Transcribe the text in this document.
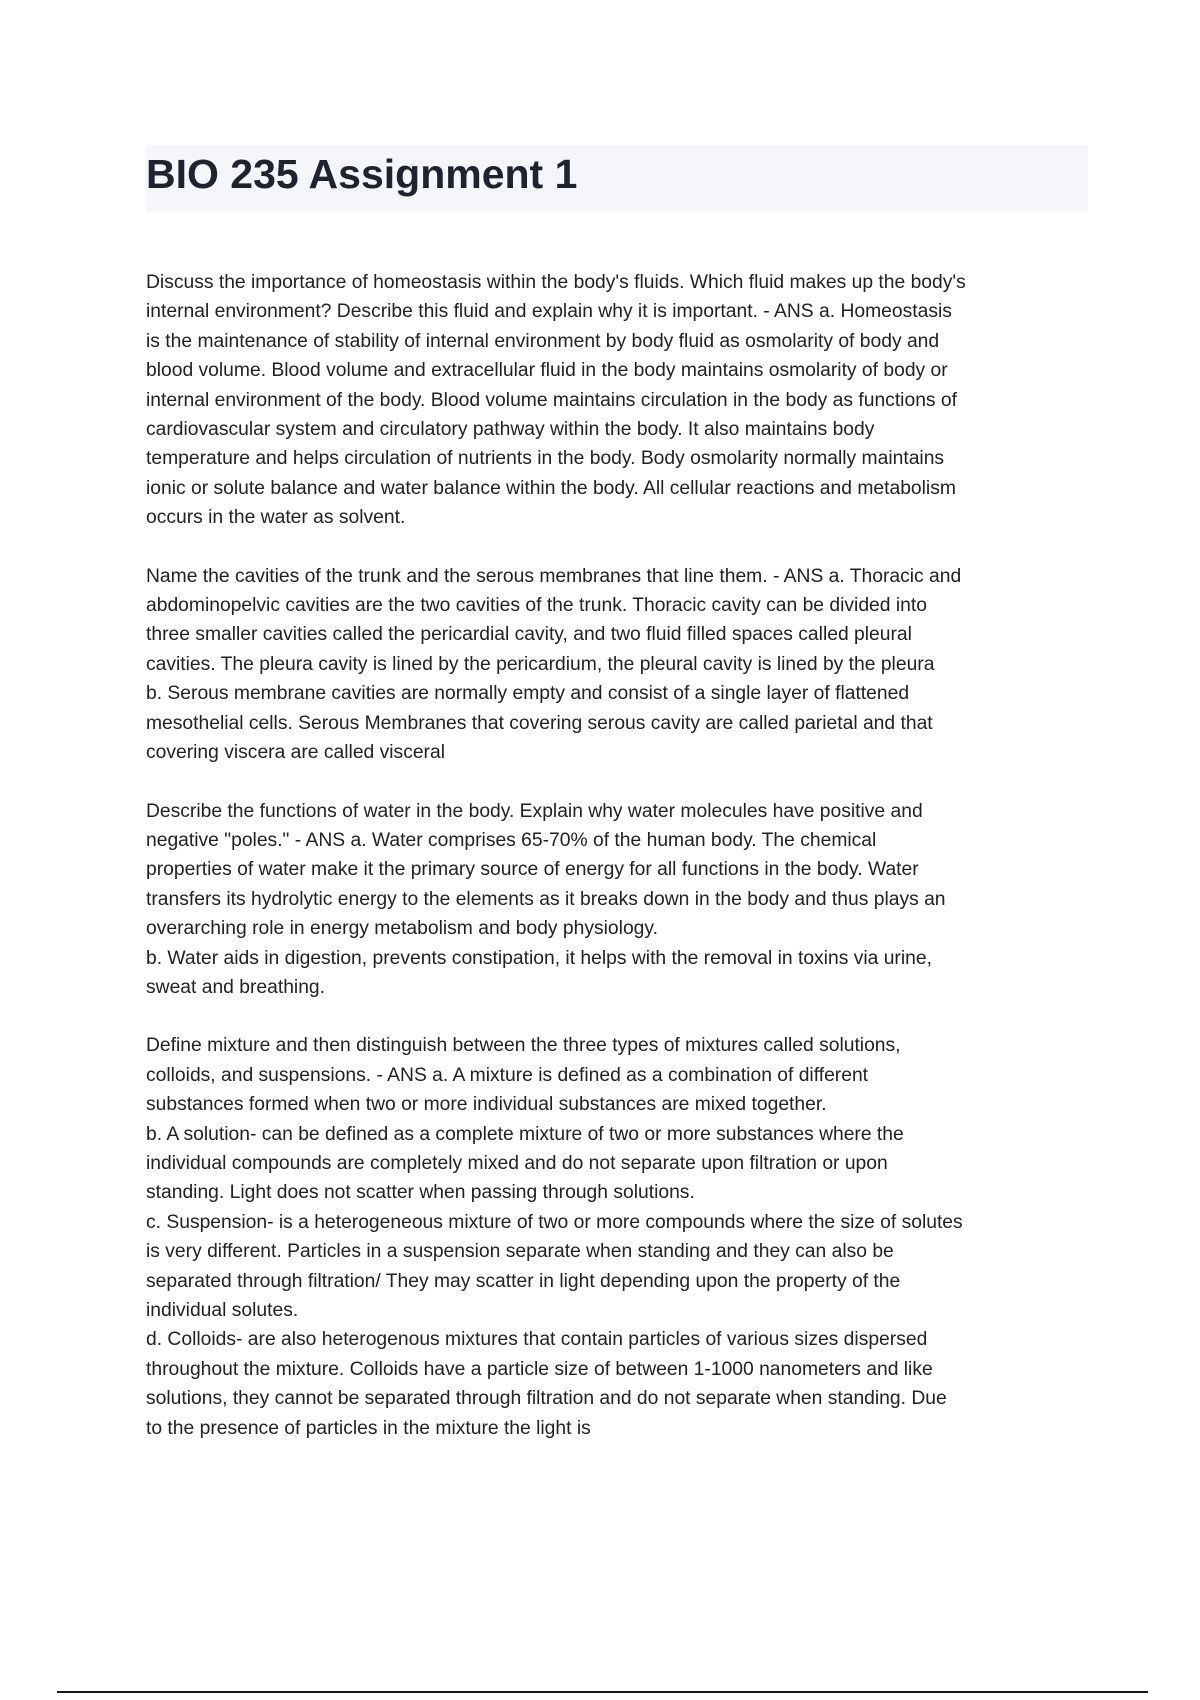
BIO 235 Assignment 1
Discuss the importance of homeostasis within the body's fluids. Which fluid makes up the body's
internal environment? Describe this fluid and explain why it is important. - ANS a. Homeostasis
is the maintenance of stability of internal environment by body fluid as osmolarity of body and
blood volume. Blood volume and extracellular fluid in the body maintains osmolarity of body or
internal environment of the body. Blood volume maintains circulation in the body as functions of
cardiovascular system and circulatory pathway within the body. It also maintains body
temperature and helps circulation of nutrients in the body. Body osmolarity normally maintains
ionic or solute balance and water balance within the body. All cellular reactions and metabolism
occurs in the water as solvent.
Name the cavities of the trunk and the serous membranes that line them. - ANS a. Thoracic and
abdominopelvic cavities are the two cavities of the trunk. Thoracic cavity can be divided into
three smaller cavities called the pericardial cavity, and two fluid filled spaces called pleural
cavities. The pleura cavity is lined by the pericardium, the pleural cavity is lined by the pleura
b. Serous membrane cavities are normally empty and consist of a single layer of flattened
mesothelial cells. Serous Membranes that covering serous cavity are called parietal and that
covering viscera are called visceral
Describe the functions of water in the body. Explain why water molecules have positive and
negative "poles." - ANS a. Water comprises 65-70% of the human body. The chemical
properties of water make it the primary source of energy for all functions in the body. Water
transfers its hydrolytic energy to the elements as it breaks down in the body and thus plays an
overarching role in energy metabolism and body physiology.
b. Water aids in digestion, prevents constipation, it helps with the removal in toxins via urine,
sweat and breathing.
Define mixture and then distinguish between the three types of mixtures called solutions,
colloids, and suspensions. - ANS a. A mixture is defined as a combination of different
substances formed when two or more individual substances are mixed together.
b. A solution- can be defined as a complete mixture of two or more substances where the
individual compounds are completely mixed and do not separate upon filtration or upon
standing. Light does not scatter when passing through solutions.
c. Suspension- is a heterogeneous mixture of two or more compounds where the size of solutes
is very different. Particles in a suspension separate when standing and they can also be
separated through filtration/ They may scatter in light depending upon the property of the
individual solutes.
d. Colloids- are also heterogenous mixtures that contain particles of various sizes dispersed
throughout the mixture. Colloids have a particle size of between 1-1000 nanometers and like
solutions, they cannot be separated through filtration and do not separate when standing. Due
to the presence of particles in the mixture the light is
